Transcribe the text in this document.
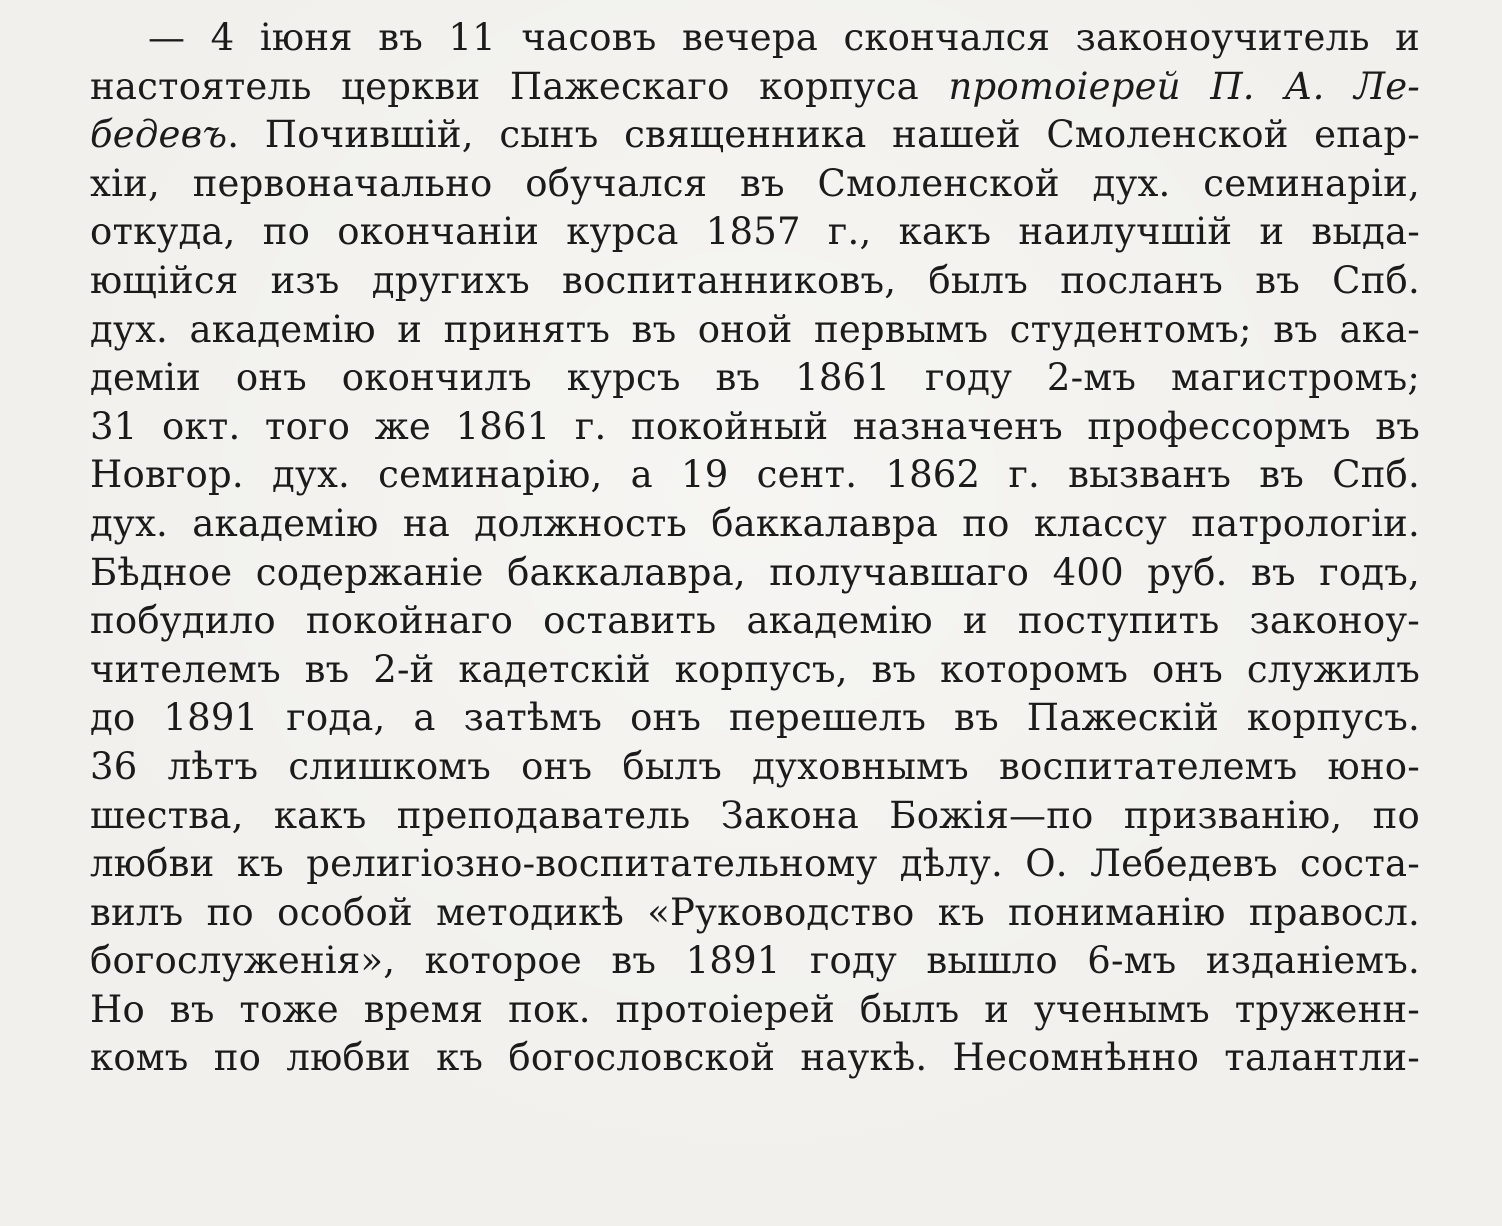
— 4 іюня въ 11 часовъ вечера скончался законоучитель и
настоятель церкви Пажескаго корпуса протоіерей П. А. Ле-
бедевъ. Почившій, сынъ священника нашей Смоленской епар-
хіи, первоначально обучался въ Смоленской дух. семинаріи,
откуда, по окончаніи курса 1857 г., какъ наилучшій и выда-
ющійся изъ другихъ воспитанниковъ, былъ посланъ въ Спб.
дух. академію и принятъ въ оной первымъ студентомъ; въ ака-
деміи онъ окончилъ курсъ въ 1861 году 2-мъ магистромъ;
31 окт. того же 1861 г. покойный назначенъ профессормъ въ
Новгор. дух. семинарію, а 19 сент. 1862 г. вызванъ въ Спб.
дух. академію на должность баккалавра по классу патрологіи.
Бѣдное содержаніе баккалавра, получавшаго 400 руб. въ годъ,
побудило покойнаго оставить академію и поступить законоу-
чителемъ въ 2-й кадетскій корпусъ, въ которомъ онъ служилъ
до 1891 года, а затѣмъ онъ перешелъ въ Пажескій корпусъ.
36 лѣтъ слишкомъ онъ былъ духовнымъ воспитателемъ юно-
шества, какъ преподаватель Закона Божія—по призванію, по
любви къ религіозно-воспитательному дѣлу. О. Лебедевъ соста-
вилъ по особой методикѣ «Руководство къ пониманію правосл.
богослуженія», которое въ 1891 году вышло 6-мъ изданіемъ.
Но въ тоже время пок. протоіерей былъ и ученымъ труженн-
комъ по любви къ богословской наукѣ. Несомнѣнно талантли-
